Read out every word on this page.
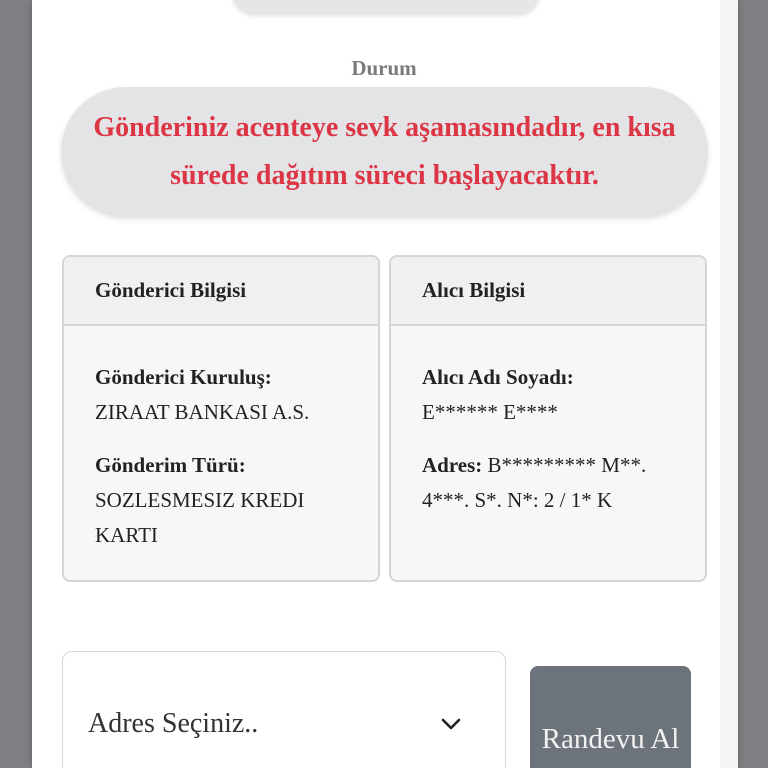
Durum
Gönderiniz acenteye sevk aşamasındadır, en kısa sürede dağıtım süreci başlayacaktır.
Gönderici Bilgisi
Gönderici Kuruluş:
ZIRAAT BANKASI A.S.
Gönderim Türü:
SOZLESMESIZ KREDI KARTI
Alıcı Bilgisi
Alıcı Adı Soyadı:
E****** E****
Adres: B********* M**. 4***. S*. N*: 2 / 1* K
Adres Seçiniz..	Randevu Al
